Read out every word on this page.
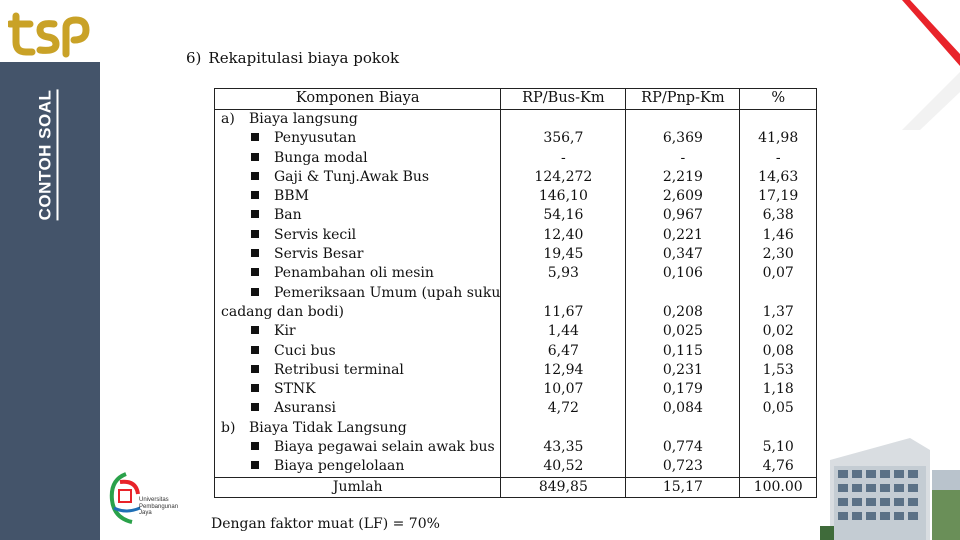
CONTOH SOAL
6) Rekapitulasi biaya pokok
Komponen Biaya	RP/Bus-Km	RP/Pnp-Km	%
a) Biaya langsung			
Penyusutan	356,7	6,369	41,98
Bunga modal	-	-	-
Gaji & Tunj.Awak Bus	124,272	2,219	14,63
BBM	146,10	2,609	17,19
Ban	54,16	0,967	6,38
Servis kecil	12,40	0,221	1,46
Servis Besar	19,45	0,347	2,30
Penambahan oli mesin	5,93	0,106	0,07
Pemeriksaan Umum (upah suku			
cadang dan bodi)	11,67	0,208	1,37
Kir	1,44	0,025	0,02
Cuci bus	6,47	0,115	0,08
Retribusi terminal	12,94	0,231	1,53
STNK	10,07	0,179	1,18
Asuransi	4,72	0,084	0,05
b) Biaya Tidak Langsung			
Biaya pegawai selain awak bus	43,35	0,774	5,10
Biaya pengelolaan	40,52	0,723	4,76
Jumlah	849,85	15,17	100.00
Dengan faktor muat (LF) = 70%
Universitas
Pembangunan
Jaya
